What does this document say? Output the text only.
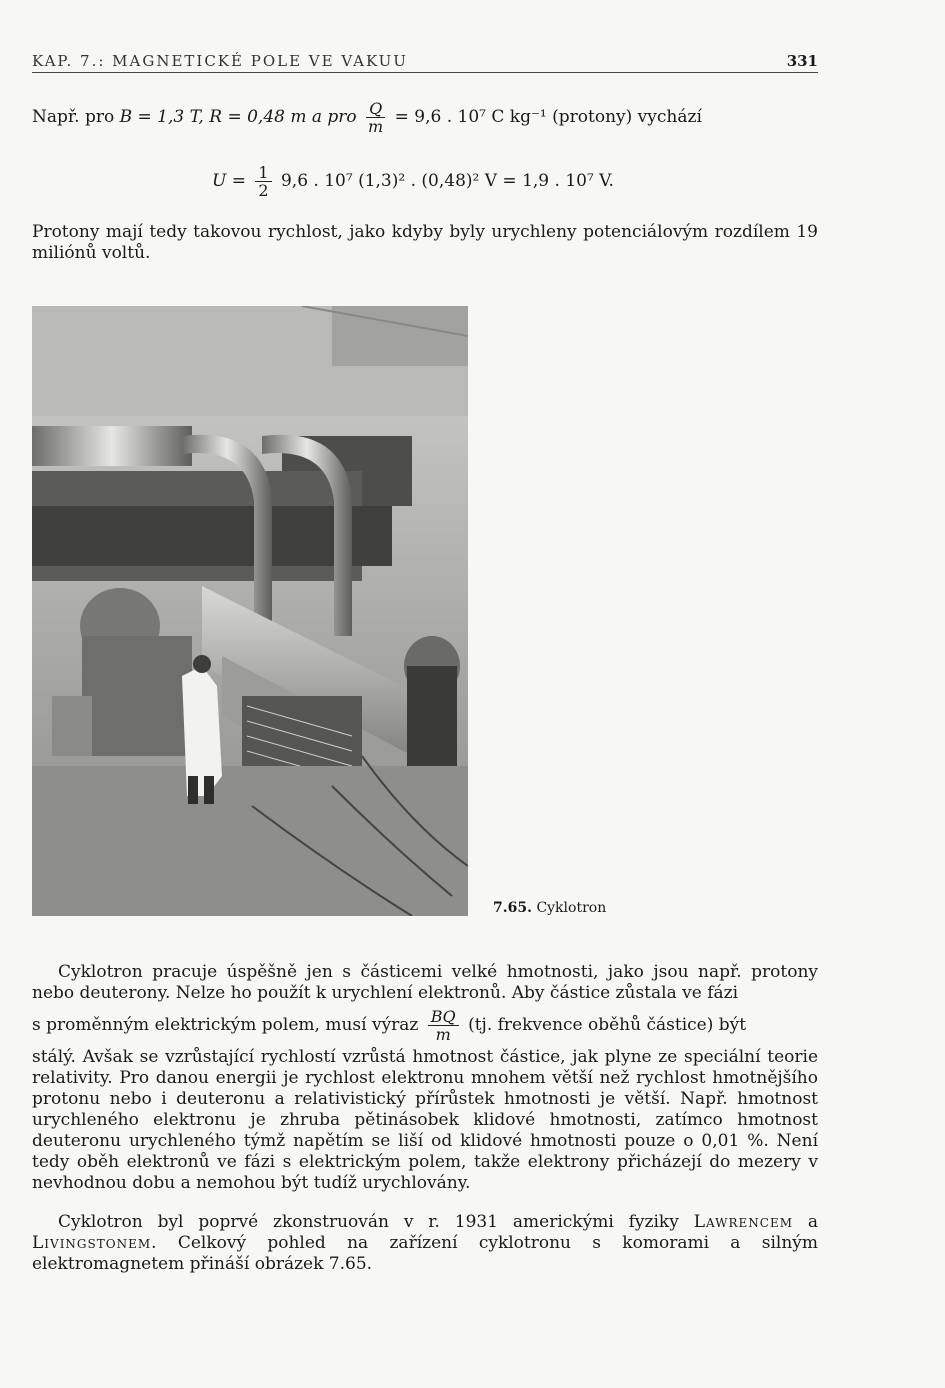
KAP. 7.: MAGNETICKÉ POLE VE VAKUU	331
Např. pro B = 1,3 T, R = 0,48 m a pro $\frac{Q}{m} = 9,6$ . 10⁷ C kg⁻¹ (protony) vychází
$U = \frac{1}{2} 9,6$ . 10⁷ (1,3)² . (0,48)² V = 1,9 . 10⁷ V.

Protony mají tedy takovou rychlost, jako kdyby byly urychleny potenciálovým rozdílem 19 miliónů voltů.

7.65. Cyklotron

Cyklotron pracuje úspěšně jen s částicemi velké hmotnosti, jako jsou např. protony nebo deuterony. Nelze ho použít k urychlení elektronů. Aby částice zůstala ve fázi

s proměnným elektrickým polem, musí výraz $\frac{BQ}{m} (tj$. frekvence oběhů částice) být

stálý. Avšak se vzrůstající rychlostí vzrůstá hmotnost částice, jak plyne ze speciální teorie relativity. Pro danou energii je rychlost elektronu mnohem větší než rychlost hmotnějšího protonu nebo i deuteronu a relativistický přírůstek hmotnosti je větší. Např. hmotnost urychleného elektronu je zhruba pětinásobek klidové hmotnosti, zatímco hmotnost deuteronu urychleného týmž napětím se liší od klidové hmotnosti pouze o 0,01 %. Není tedy oběh elektronů ve fázi s elektrickým polem, takže elektrony přicházejí do mezery v nevhodnou dobu a nemohou být tudíž urychlovány.

Cyklotron byl poprvé zkonstruován v r. 1931 americkými fyziky Lawrencem a Livingstonem. Celkový pohled na zařízení cyklotronu s komorami a silným elektromagnetem přináší obrázek 7.65.
